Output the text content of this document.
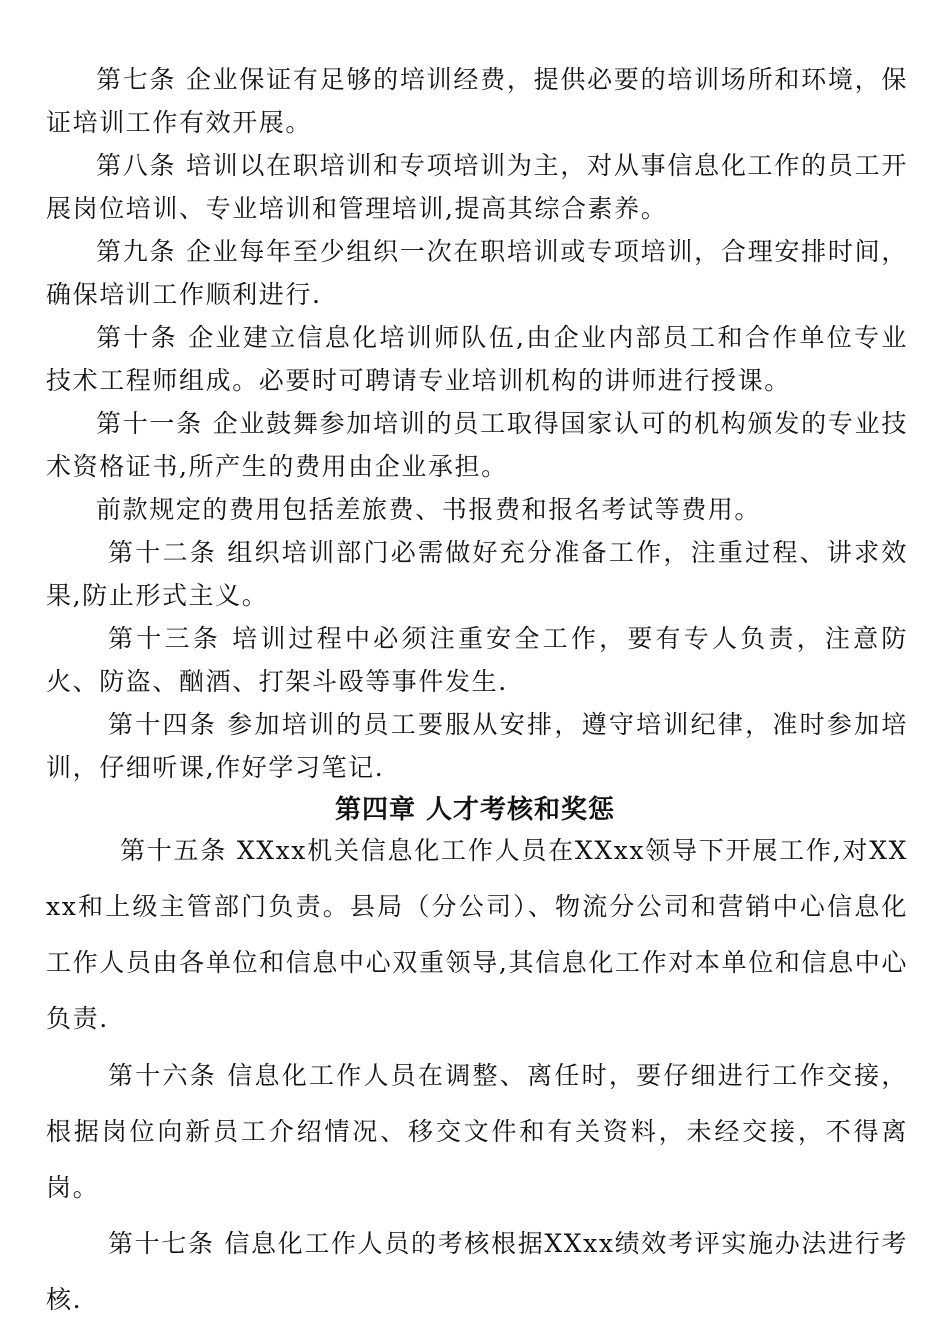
第七条 企业保证有足够的培训经费，提供必要的培训场所和环境，保证培训工作有效开展。

第八条 培训以在职培训和专项培训为主，对从事信息化工作的员工开展岗位培训、专业培训和管理培训,提高其综合素养。

第九条 企业每年至少组织一次在职培训或专项培训，合理安排时间，确保培训工作顺利进行.

第十条 企业建立信息化培训师队伍,由企业内部员工和合作单位专业技术工程师组成。必要时可聘请专业培训机构的讲师进行授课。

第十一条 企业鼓舞参加培训的员工取得国家认可的机构颁发的专业技术资格证书,所产生的费用由企业承担。

前款规定的费用包括差旅费、书报费和报名考试等费用。

第十二条 组织培训部门必需做好充分准备工作，注重过程、讲求效果,防止形式主义。

第十三条 培训过程中必须注重安全工作，要有专人负责，注意防火、防盗、酗酒、打架斗殴等事件发生.

第十四条 参加培训的员工要服从安排，遵守培训纪律，准时参加培训，仔细听课,作好学习笔记.

第四章 人才考核和奖惩

第十五条 XXxx机关信息化工作人员在XXxx领导下开展工作,对XXxx和上级主管部门负责。县局（分公司）、物流分公司和营销中心信息化工作人员由各单位和信息中心双重领导,其信息化工作对本单位和信息中心负责.

第十六条 信息化工作人员在调整、离任时，要仔细进行工作交接，根据岗位向新员工介绍情况、移交文件和有关资料，未经交接，不得离岗。

第十七条 信息化工作人员的考核根据XXxx绩效考评实施办法进行考核.
